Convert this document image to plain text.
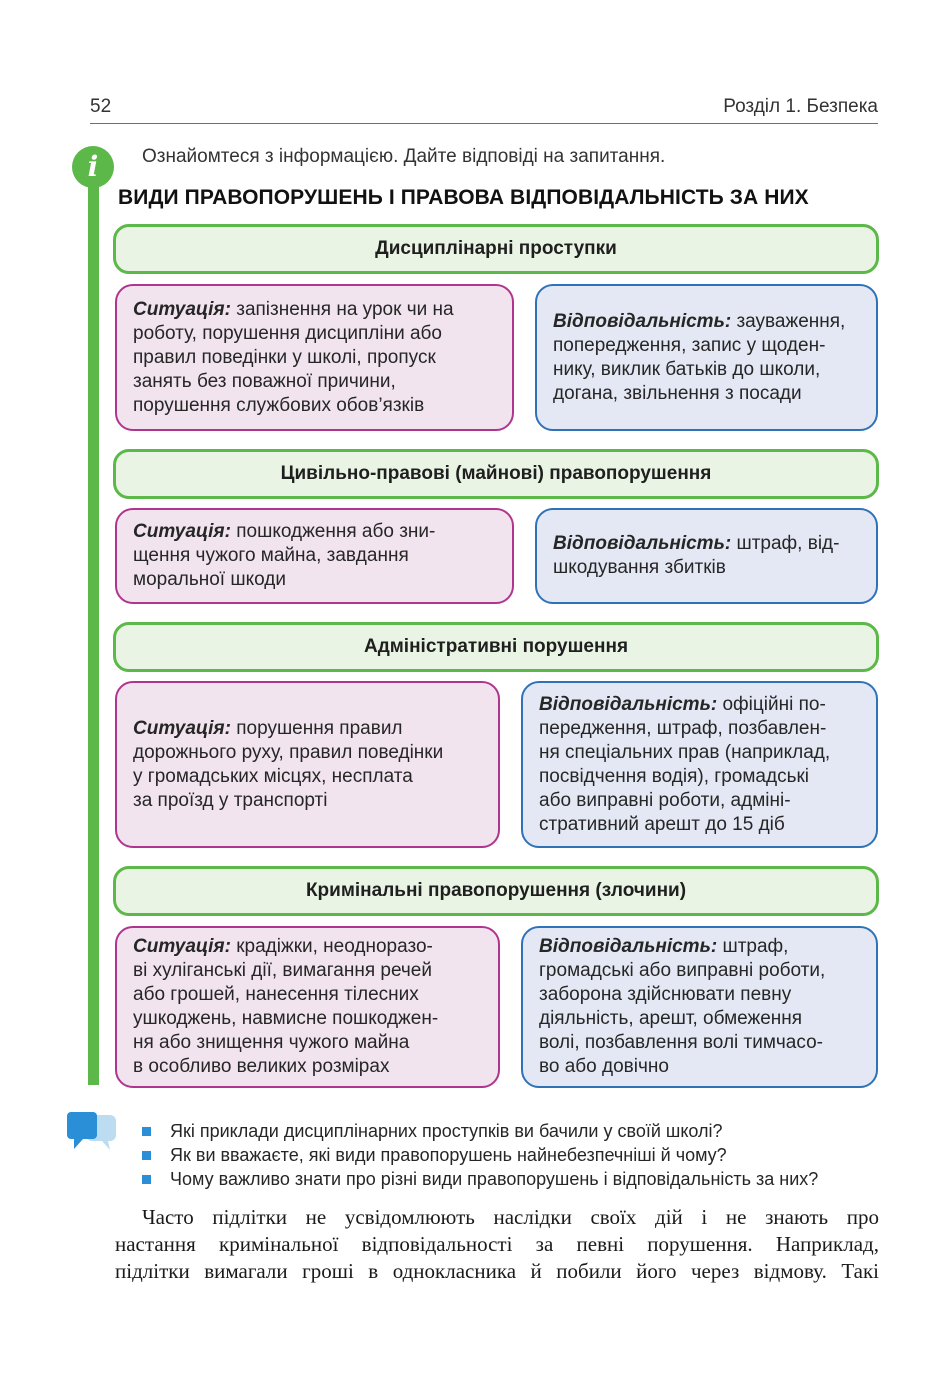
52	Розділ 1. Безпека
i	Ознайомтеся з інформацією. Дайте відповіді на запитання.
ВИДИ ПРАВОПОРУШЕНЬ І ПРАВОВА ВІДПОВІДАЛЬНІСТЬ ЗА НИХ
Дисциплінарні проступки
Ситуація: запізнення на урок чи на
роботу, порушення дисципліни або
правил поведінки у школі, пропуск
занять без поважної причини,
порушення службових обов’язків
Відповідальність: зауваження,
попередження, запис у щоден-
нику, виклик батьків до школи,
догана, звільнення з посади
Цивільно-правові (майнові) правопорушення
Ситуація: пошкодження або зни-
щення чужого майна, завдання
моральної шкоди
Відповідальність: штраф, від-
шкодування збитків
Адміністративні порушення
Ситуація: порушення правил
дорожнього руху, правил поведінки
у громадських місцях, несплата
за проїзд у транспорті
Відповідальність: офіційні по-
передження, штраф, позбавлен-
ня спеціальних прав (наприклад,
посвідчення водія), громадські
або виправні роботи, адміні-
стративний арешт до 15 діб
Кримінальні правопорушення (злочини)
Ситуація: крадіжки, неодноразо-
ві хуліганські дії, вимагання речей
або грошей, нанесення тілесних
ушкоджень, навмисне пошкоджен-
ня або знищення чужого майна
в особливо великих розмірах
Відповідальність: штраф,
громадські або виправні роботи,
заборона здійснювати певну
діяльність, арешт, обмеження
волі, позбавлення волі тимчасо-
во або довічно
Які приклади дисциплінарних проступків ви бачили у своїй школі?
Як ви вважаєте, які види правопорушень найнебезпечніші й чому?
Чому важливо знати про різні види правопорушень і відповідальність за них?

Часто підлітки не усвідомлюють наслідки своїх дій і не знають про
настання кримінальної відповідальності за певні порушення. Наприклад,
підлітки вимагали гроші в однокласника й побили його через відмову. Такі
